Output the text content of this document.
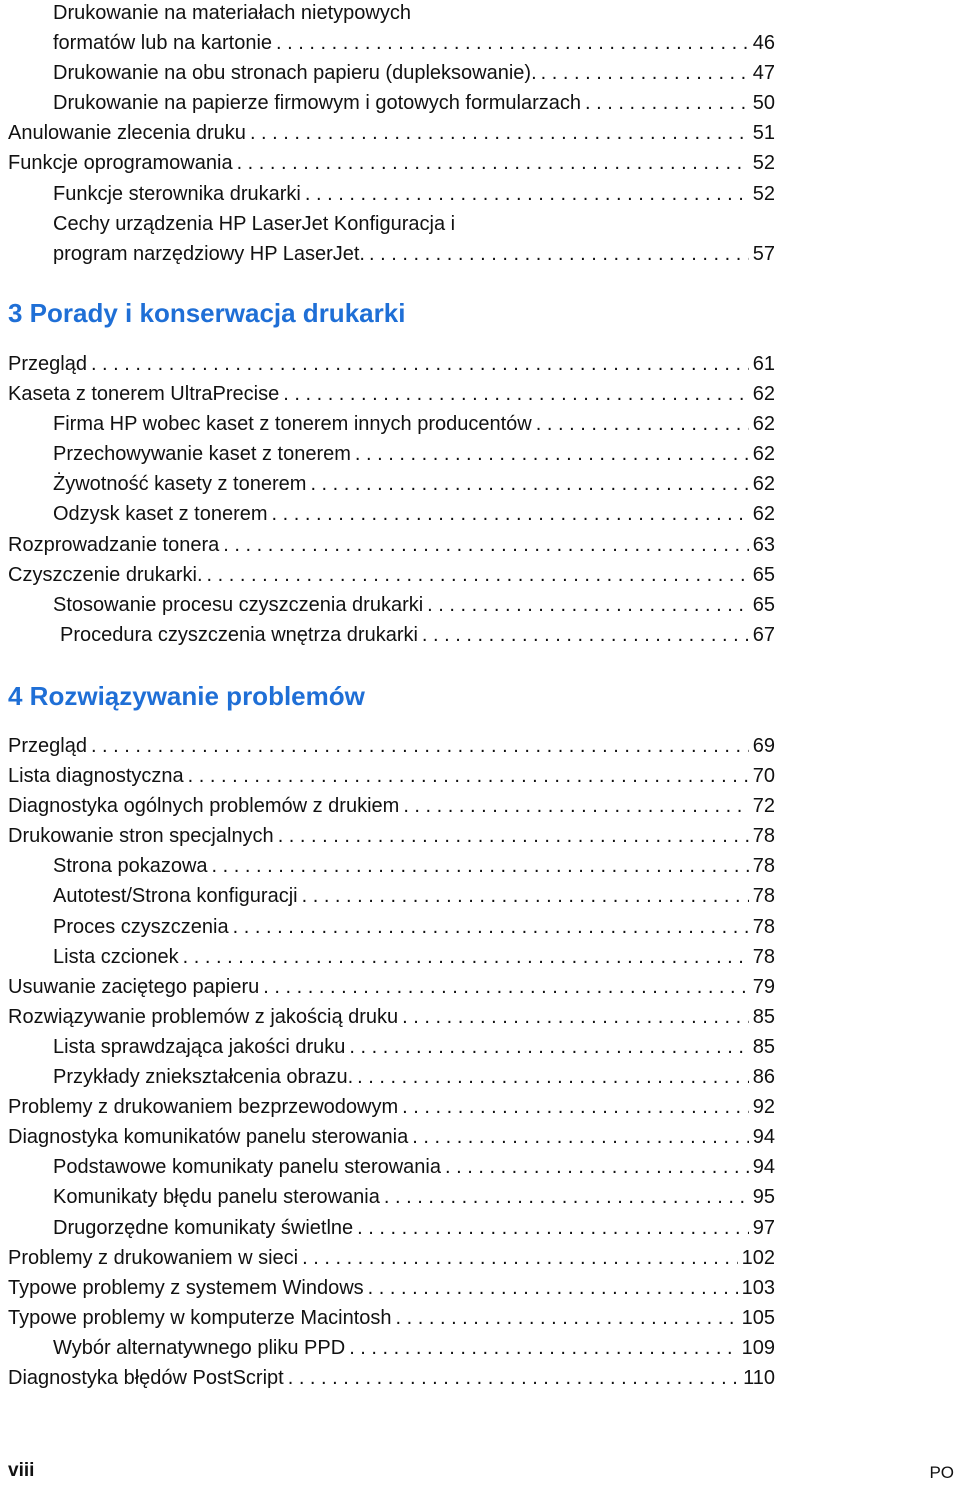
Drukowanie na materiałach nietypowych
formatów lub na kartonie . . .	46
Drukowanie na obu stronach papieru (dupleksowanie). . . .	47
Drukowanie na papierze firmowym i gotowych formularzach . . .	50
Anulowanie zlecenia druku . . .	51
Funkcje oprogramowania . . .	52
Funkcje sterownika drukarki . . .	52
Cechy urządzenia HP LaserJet Konfiguracja i
program narzędziowy HP LaserJet. . . .	57
3 Porady i konserwacja drukarki
Przegląd . . .	61
Kaseta z tonerem UltraPrecise . . .	62
Firma HP wobec kaset z tonerem innych producentów . . .	62
Przechowywanie kaset z tonerem . . .	62
Żywotność kasety z tonerem . . .	62
Odzysk kaset z tonerem . . .	62
Rozprowadzanie tonera . . .	63
Czyszczenie drukarki. . . .	65
Stosowanie procesu czyszczenia drukarki . . .	65
Procedura czyszczenia wnętrza drukarki . . .	67
4 Rozwiązywanie problemów
Przegląd . . .	69
Lista diagnostyczna . . .	70
Diagnostyka ogólnych problemów z drukiem . . .	72
Drukowanie stron specjalnych . . .	78
Strona pokazowa . . .	78
Autotest/Strona konfiguracji . . .	78
Proces czyszczenia . . .	78
Lista czcionek . . .	78
Usuwanie zaciętego papieru . . .	79
Rozwiązywanie problemów z jakością druku . . .	85
Lista sprawdzająca jakości druku . . .	85
Przykłady zniekształcenia obrazu. . . .	86
Problemy z drukowaniem bezprzewodowym . . .	92
Diagnostyka komunikatów panelu sterowania . . .	94
Podstawowe komunikaty panelu sterowania . . .	94
Komunikaty błędu panelu sterowania . . .	95
Drugorzędne komunikaty świetlne . . .	97
Problemy z drukowaniem w sieci . . .	102
Typowe problemy z systemem Windows . . .	103
Typowe problemy w komputerze Macintosh . . .	105
Wybór alternatywnego pliku PPD . . .	109
Diagnostyka błędów PostScript . . .	110
viii	PO
